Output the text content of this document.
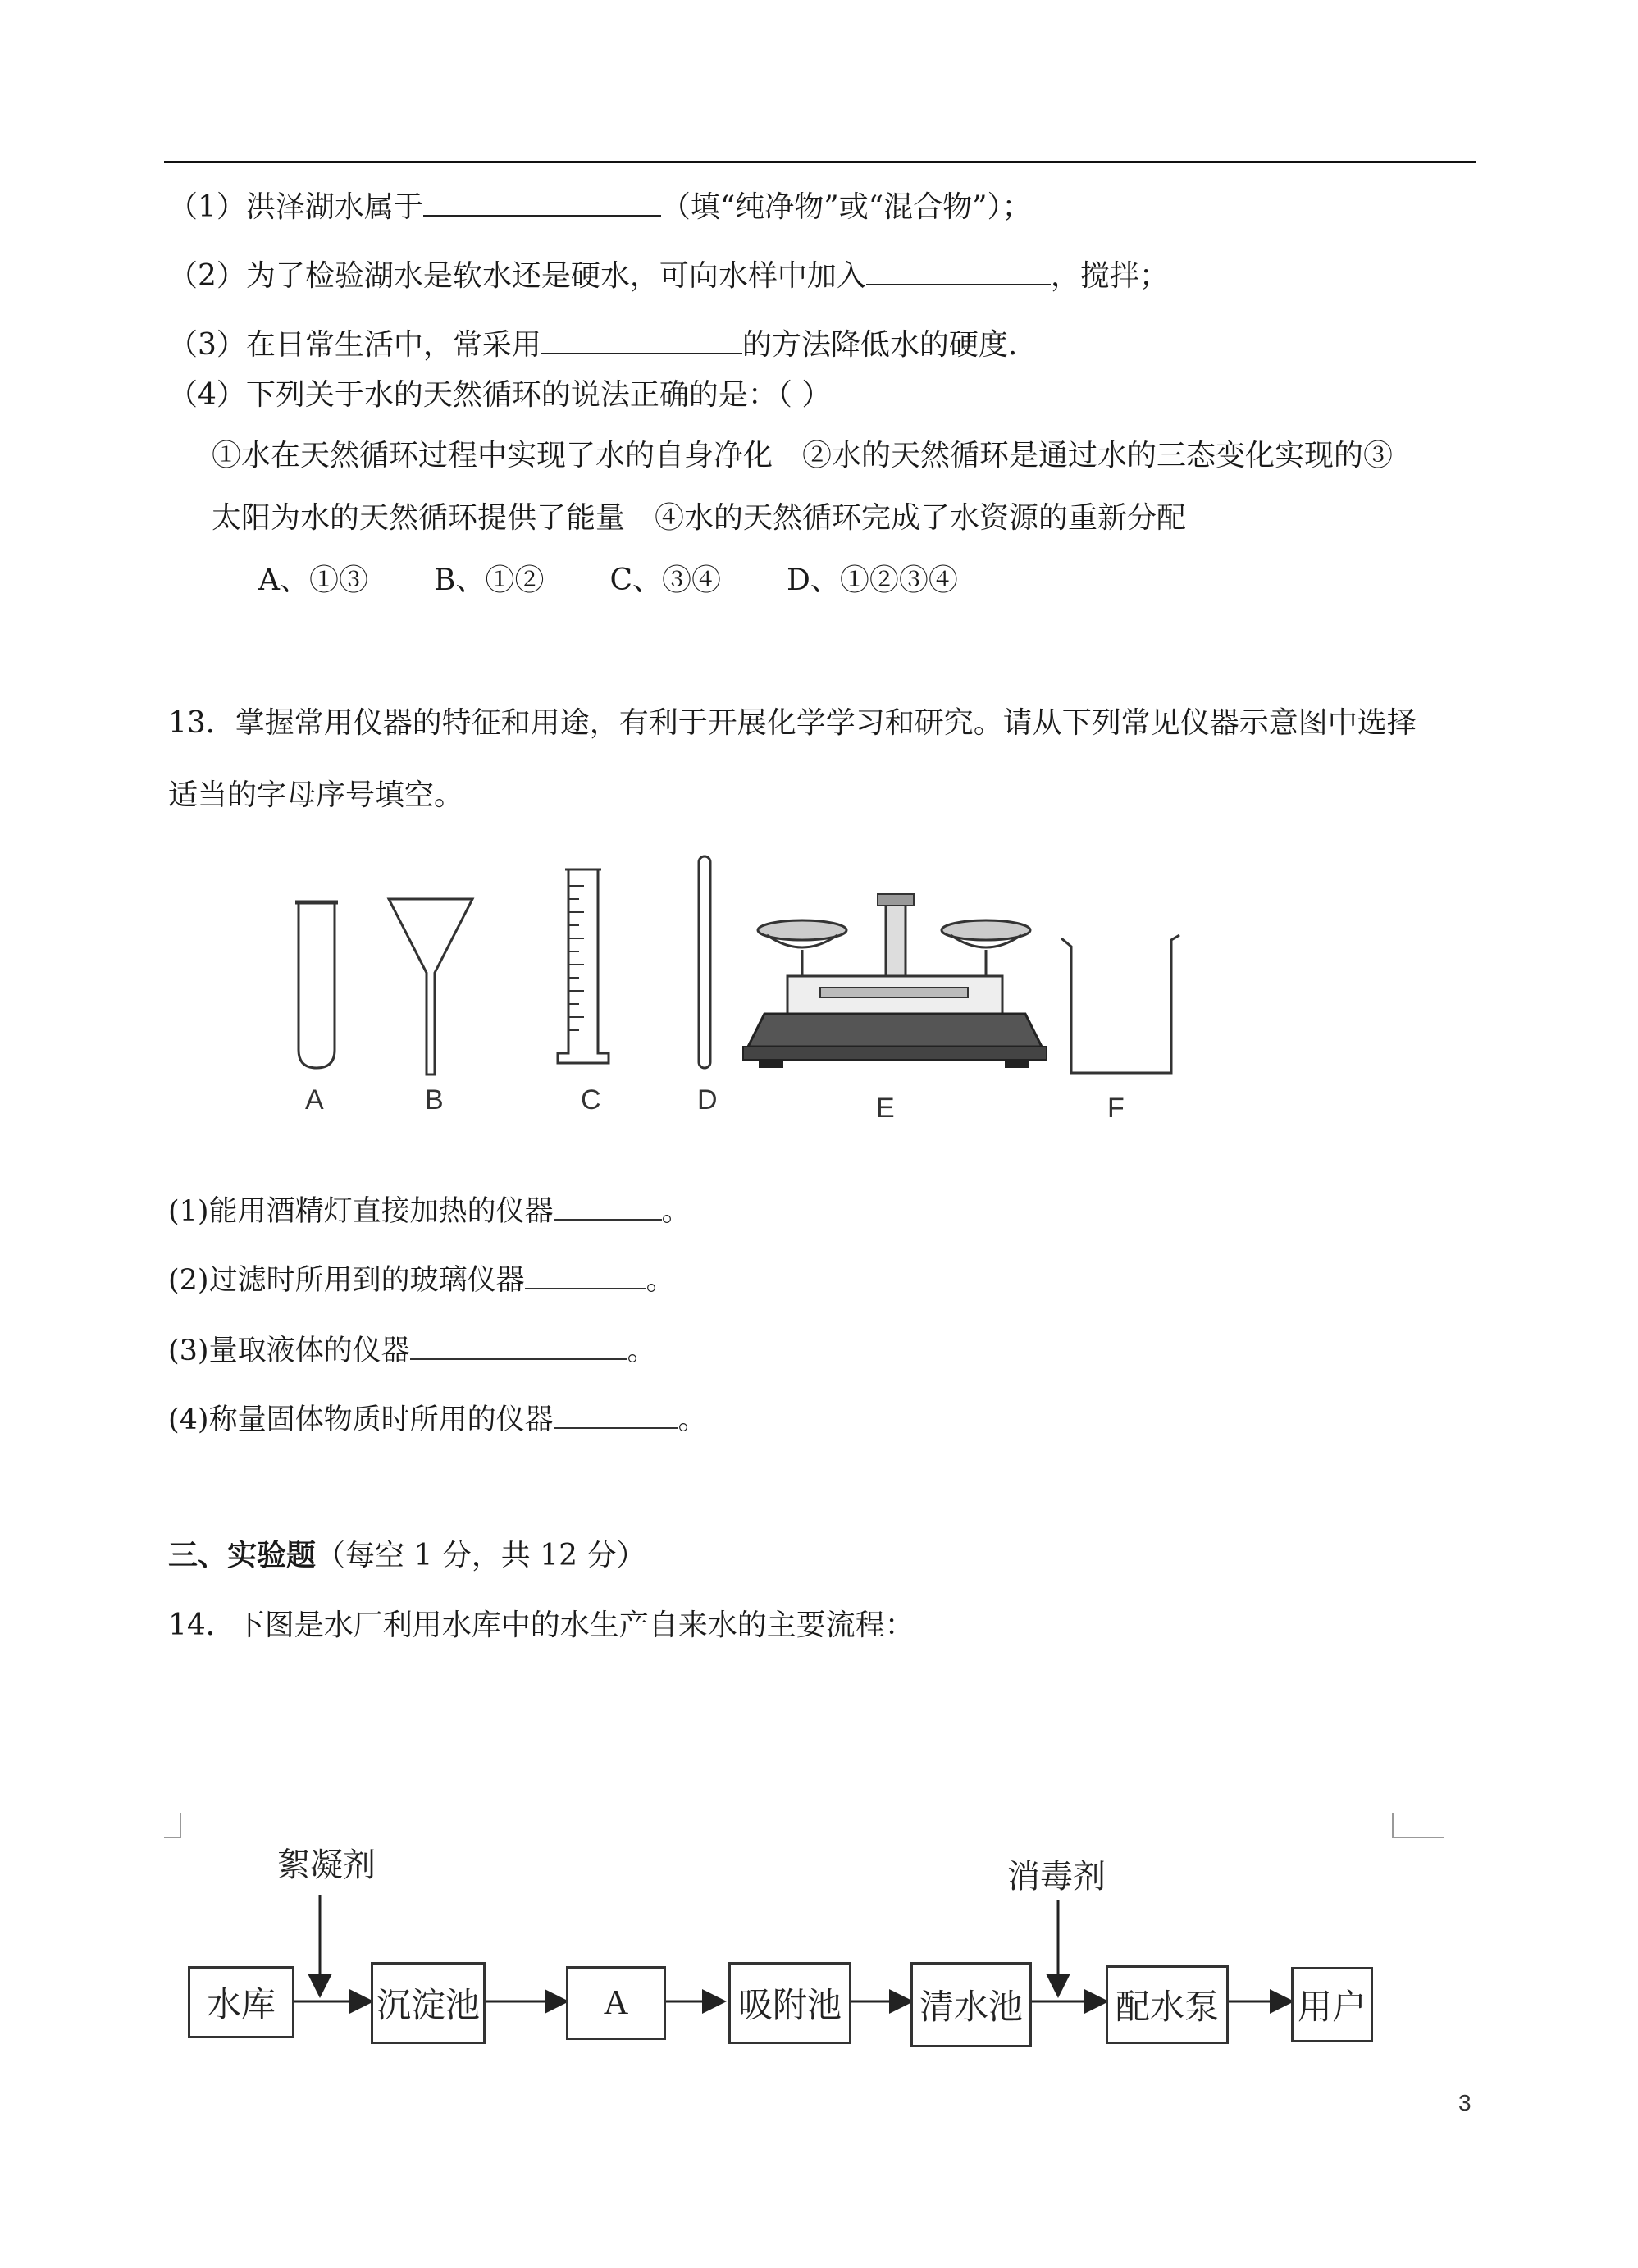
（1）洪泽湖水属于	（填“纯净物”或“混合物”）；
（2）为了检验湖水是软水还是硬水，可向水样中加入	，搅拌；
（3）在日常生活中，常采用	的方法降低水的硬度.
（4）下列关于水的天然循环的说法正确的是：（ ）
①水在天然循环过程中实现了水的自身净化　②水的天然循环是通过水的三态变化实现的③
太阳为水的天然循环提供了能量　④水的天然循环完成了水资源的重新分配
A、①③ B、①② C、③④ D、①②③④
13．掌握常用仪器的特征和用途，有利于开展化学学习和研究。请从下列常见仪器示意图中选择
适当的字母序号填空。
A	B	C	D	E	F
(1)能用酒精灯直接加热的仪器	。
(2)过滤时所用到的玻璃仪器	。
(3)量取液体的仪器	。
(4)称量固体物质时所用的仪器	。
三、实验题（每空 1 分，共 12 分）
14．下图是水厂利用水库中的水生产自来水的主要流程：
絮凝剂	消毒剂
水库	沉淀池	A	吸附池 清水池	配水泵 用户
3
